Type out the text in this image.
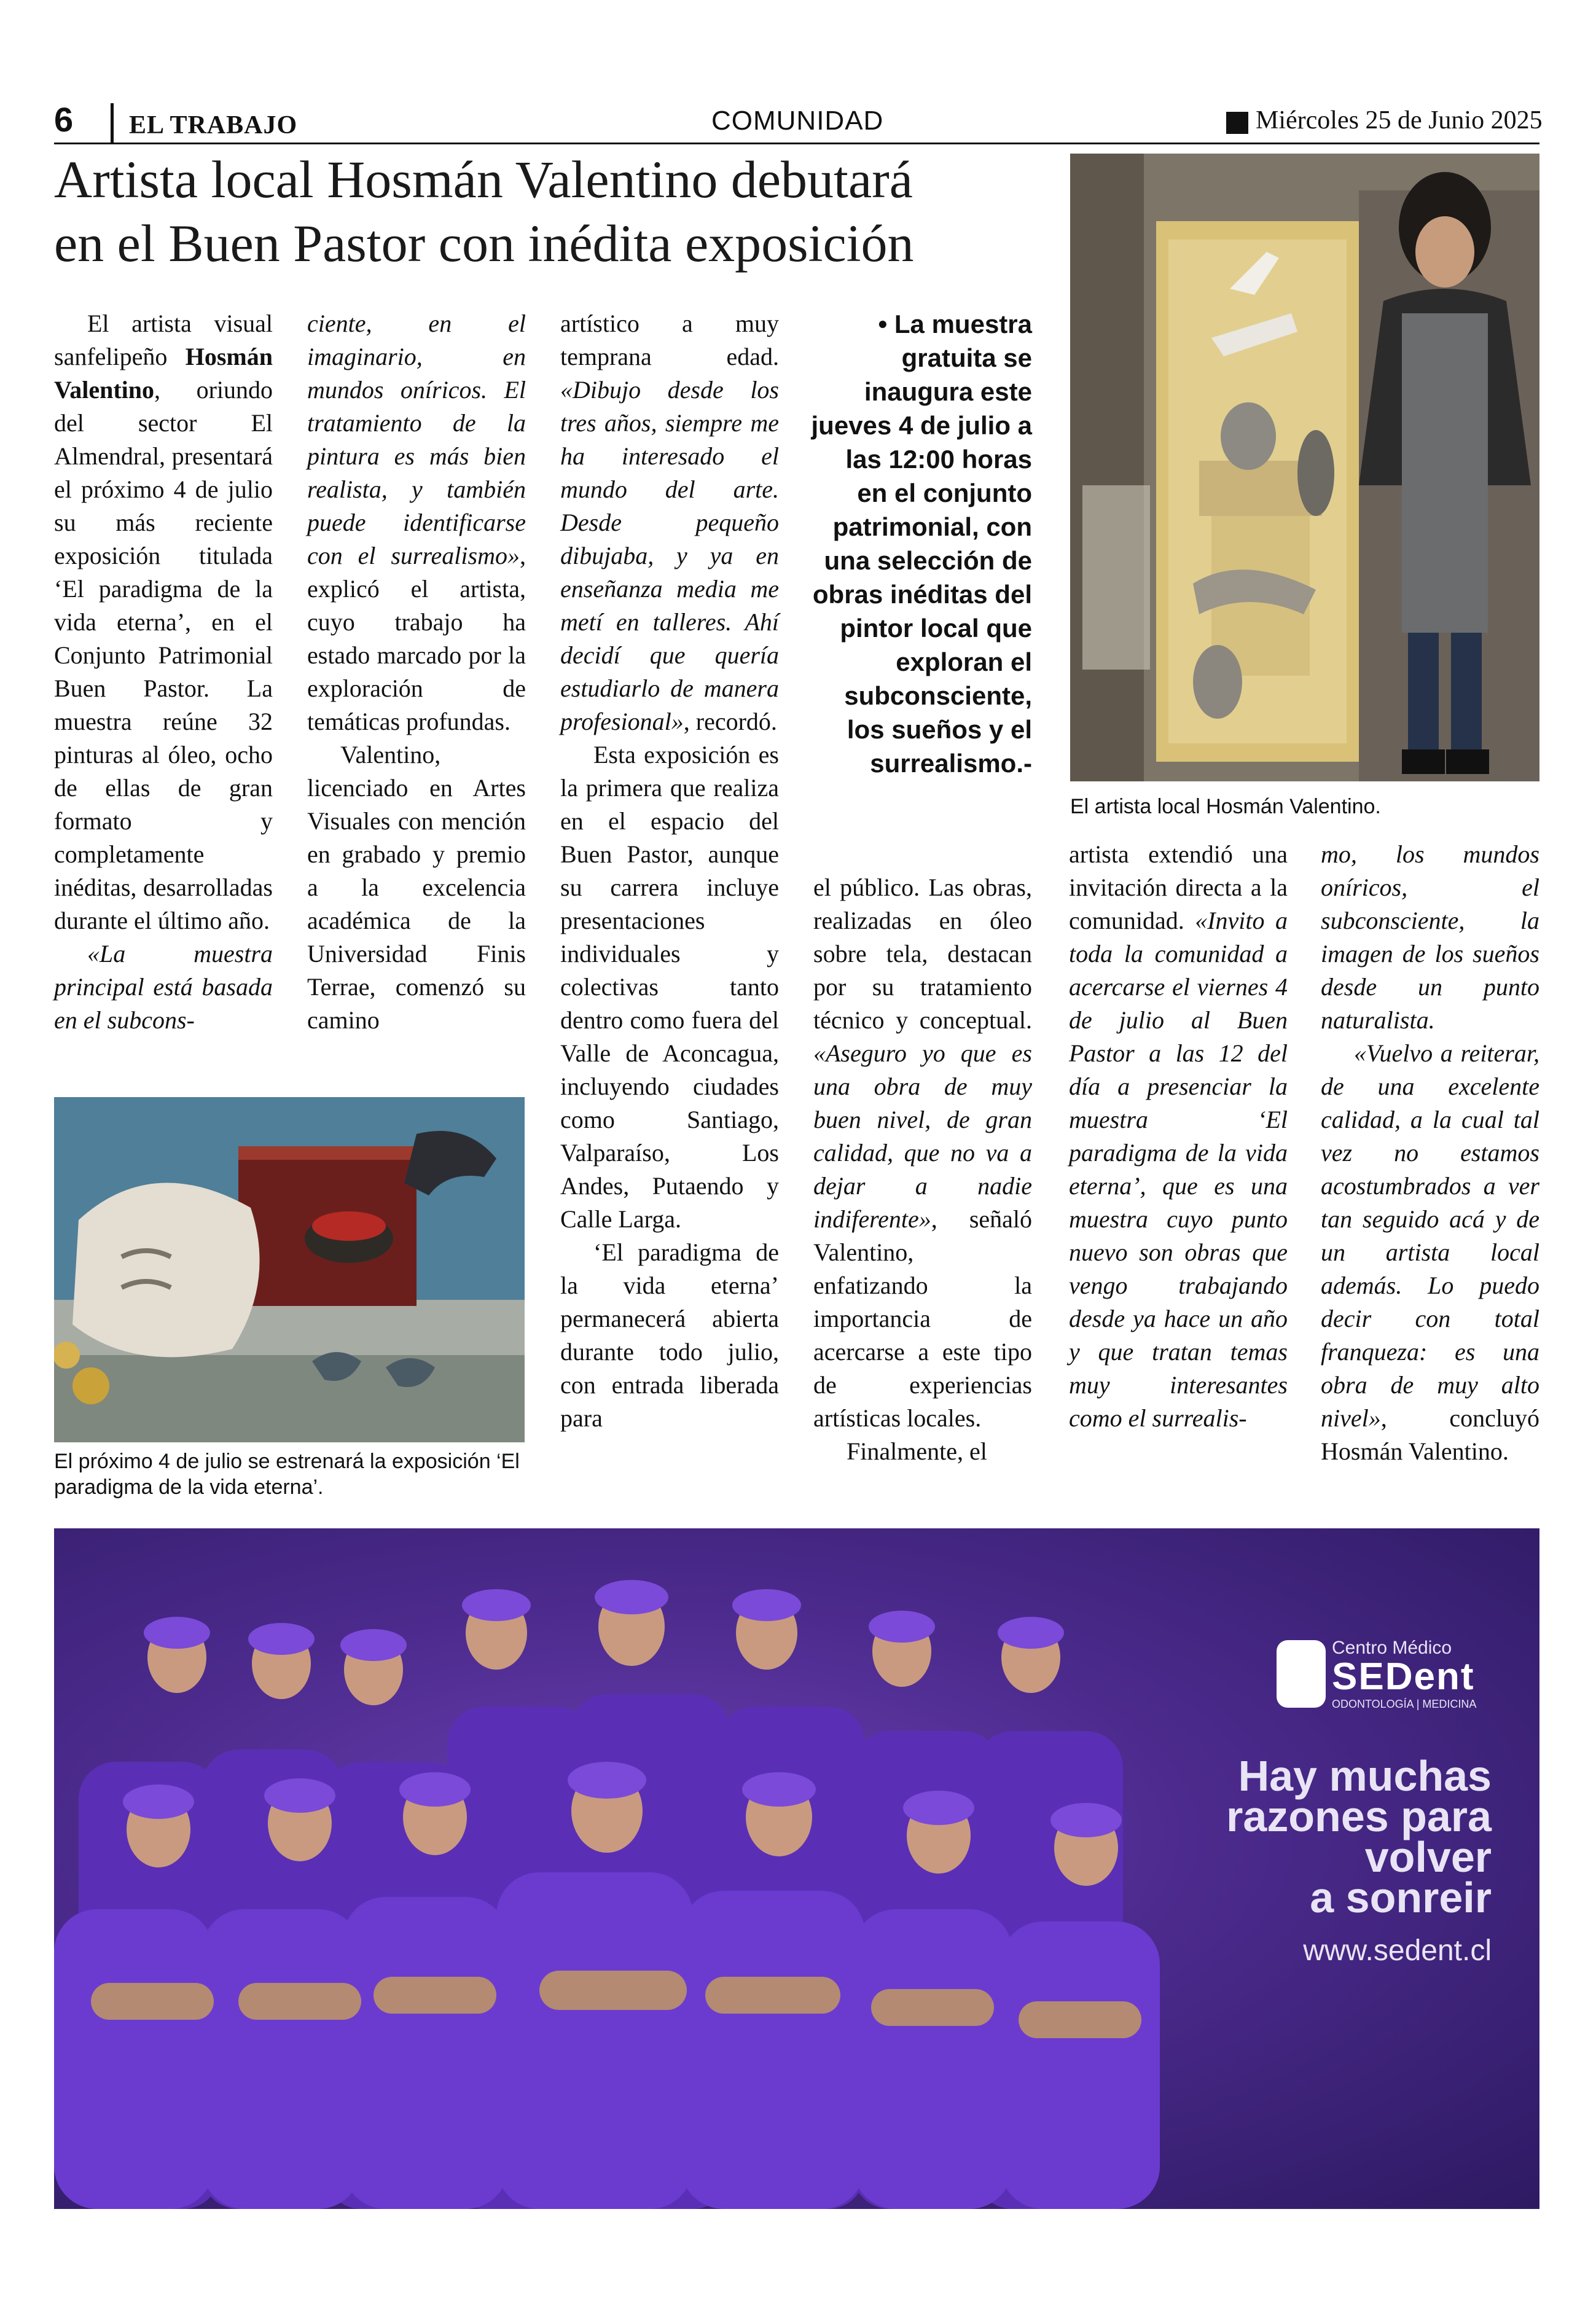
6 EL TRABAJO	COMUNIDAD	Miércoles 25 de Junio 2025
Artista local Hosmán Valentino debutará
en el Buen Pastor con inédita exposición

El artista visual sanfelipeño Hosmán Valentino, oriundo del sector El Almendral, presentará el próximo 4 de julio su más reciente exposición titulada ‘El paradigma de la vida eterna’, en el Conjunto Patrimonial Buen Pastor. La muestra reúne 32 pinturas al óleo, ocho de ellas de gran formato y completamente inéditas, desarrolladas durante el último año.

«La muestra principal está basada en el subcons-

ciente, en el imaginario, en mundos oníricos. El tratamiento de la pintura es más bien realista, y también puede identificarse con el surrealismo», explicó el artista, cuyo trabajo ha estado marcado por la exploración de temáticas profundas.

Valentino, licenciado en Artes Visuales con mención en grabado y premio a la excelencia académica de la Universidad Finis Terrae, comenzó su camino

artístico a muy temprana edad. «Dibujo desde los tres años, siempre me ha interesado el mundo del arte. Desde pequeño dibujaba, y ya en enseñanza media me metí en talleres. Ahí decidí que quería estudiarlo de manera profesional», recordó.

Esta exposición es la primera que realiza en el espacio del Buen Pastor, aunque su carrera incluye presentaciones individuales y colectivas tanto dentro como fuera del Valle de Aconcagua, incluyendo ciudades como Santiago, Valparaíso, Los Andes, Putaendo y Calle Larga.

‘El paradigma de la vida eterna’ permanecerá abierta durante todo julio, con entrada liberada para

• La muestra gratuita se inaugura este jueves 4 de julio a las 12:00 horas en el conjunto patrimonial, con una selección de obras inéditas del pintor local que exploran el subconsciente, los sueños y el surrealismo.-

el público. Las obras, realizadas en óleo sobre tela, destacan por su tratamiento técnico y conceptual. «Aseguro yo que es una obra de muy buen nivel, de gran calidad, que no va a dejar a nadie indiferente», señaló Valentino, enfatizando la importancia de acercarse a este tipo de experiencias artísticas locales.

Finalmente, el

artista extendió una invitación directa a la comunidad. «Invito a toda la comunidad a acercarse el viernes 4 de julio al Buen Pastor a las 12 del día a presenciar la muestra ‘El paradigma de la vida eterna’, que es una muestra cuyo punto nuevo son obras que vengo trabajando desde ya hace un año y que tratan temas muy interesantes como el surrealis-

mo, los mundos oníricos, el subconsciente, la imagen de los sueños desde un punto naturalista.

«Vuelvo a reiterar, de una excelente calidad, a la cual tal vez no estamos acostumbrados a ver tan seguido acá y de un artista local además. Lo puedo decir con total franqueza: es una obra de muy alto nivel», concluyó Hosmán Valentino.

El artista local Hosmán Valentino.
El próximo 4 de julio se estrenará la exposición ‘El paradigma de la vida eterna’.
Centro Médico
SEDent
ODONTOLOGÍA | MEDICINA
Hay muchas
razones para
volver
a sonreir
www.sedent.cl
